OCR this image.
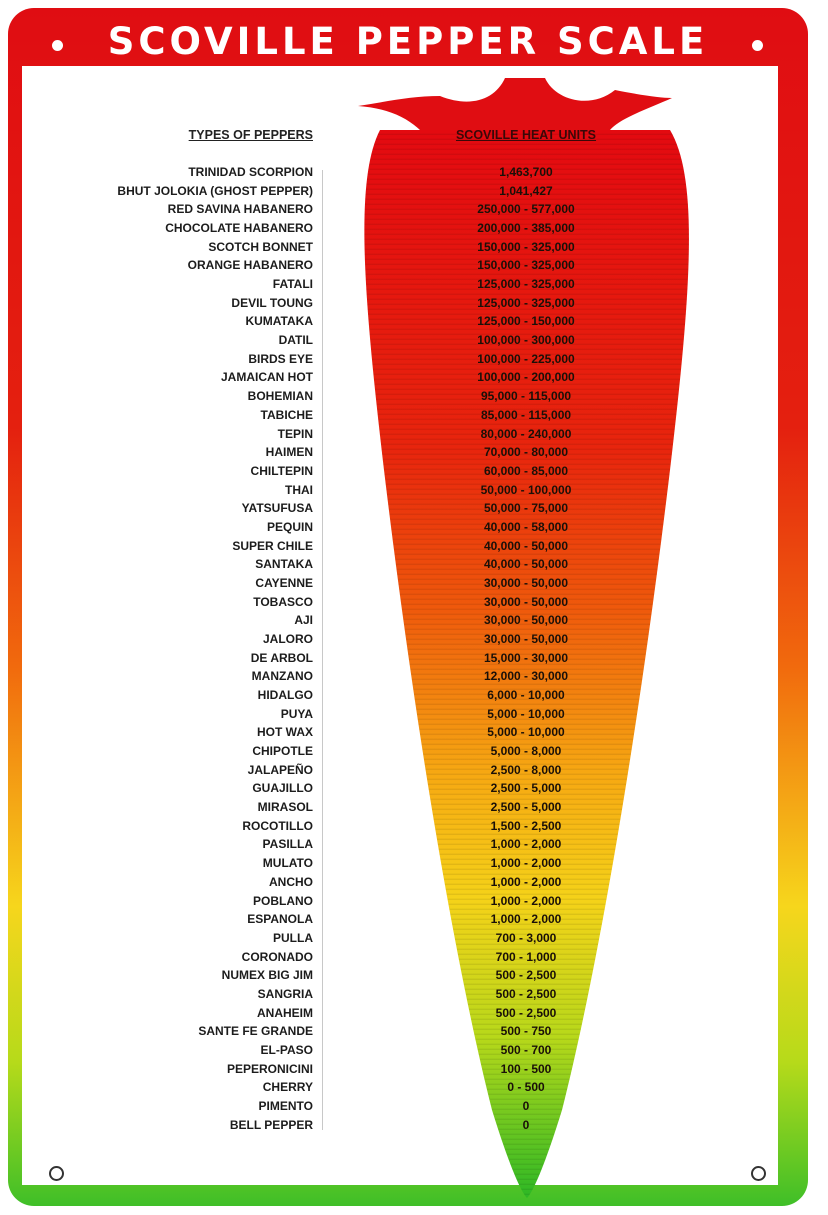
SCOVILLE PEPPER SCALE
TYPES OF PEPPERS	SCOVILLE HEAT UNITS
TRINIDAD SCORPION	1,463,700
BHUT JOLOKIA (GHOST PEPPER)	1,041,427
RED SAVINA HABANERO	250,000 - 577,000
CHOCOLATE HABANERO	200,000 - 385,000
SCOTCH BONNET	150,000 - 325,000
ORANGE HABANERO	150,000 - 325,000
FATALI	125,000 - 325,000
DEVIL TOUNG	125,000 - 325,000
KUMATAKA	125,000 - 150,000
DATIL	100,000 - 300,000
BIRDS EYE	100,000 - 225,000
JAMAICAN HOT	100,000 - 200,000
BOHEMIAN	95,000 - 115,000
TABICHE	85,000 - 115,000
TEPIN	80,000 - 240,000
HAIMEN	70,000 - 80,000
CHILTEPIN	60,000 - 85,000
THAI	50,000 - 100,000
YATSUFUSA	50,000 - 75,000
PEQUIN	40,000 - 58,000
SUPER CHILE	40,000 - 50,000
SANTAKA	40,000 - 50,000
CAYENNE	30,000 - 50,000
TOBASCO	30,000 - 50,000
AJI	30,000 - 50,000
JALORO	30,000 - 50,000
DE ARBOL	15,000 - 30,000
MANZANO	12,000 - 30,000
HIDALGO	6,000 - 10,000
PUYA	5,000 - 10,000
HOT WAX	5,000 - 10,000
CHIPOTLE	5,000 - 8,000
JALAPEÑO	2,500 - 8,000
GUAJILLO	2,500 - 5,000
MIRASOL	2,500 - 5,000
ROCOTILLO	1,500 - 2,500
PASILLA	1,000 - 2,000
MULATO	1,000 - 2,000
ANCHO	1,000 - 2,000
POBLANO	1,000 - 2,000
ESPANOLA	1,000 - 2,000
PULLA	700 - 3,000
CORONADO	700 - 1,000
NUMEX BIG JIM	500 - 2,500
SANGRIA	500 - 2,500
ANAHEIM	500 - 2,500
SANTE FE GRANDE	500 - 750
EL-PASO	500 - 700
PEPERONICINI	100 - 500
CHERRY	0 - 500
PIMENTO	0
BELL PEPPER	0
